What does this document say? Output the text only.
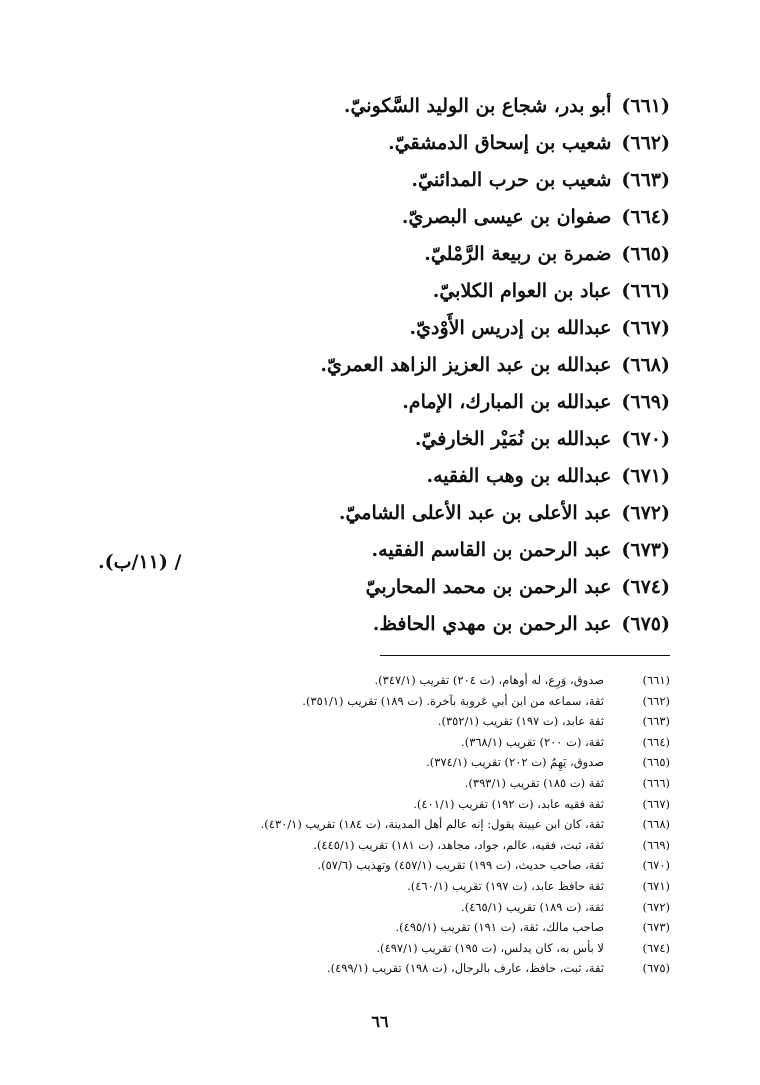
(٦٦١)أبو بدر، شجاع بن الوليد السَّكونيّ.
(٦٦٢)شعيب بن إسحاق الدمشقيّ.
(٦٦٣)شعيب بن حرب المدائنيّ.
(٦٦٤)صفوان بن عيسى البصريّ.
(٦٦٥)ضمرة بن ربيعة الرَّمْليّ.
(٦٦٦)عباد بن العوام الكلابيّ.
(٦٦٧)عبدالله بن إدريس الأَوْديّ.
(٦٦٨)عبدالله بن عبد العزيز الزاهد العمريّ.
(٦٦٩)عبدالله بن المبارك، الإمام.
(٦٧٠)عبدالله بن نُمَيْر الخارفيّ.
(٦٧١)عبدالله بن وهب الفقيه.
(٦٧٢)عبد الأعلى بن عبد الأعلى الشاميّ.
(٦٧٣)عبد الرحمن بن القاسم الفقيه.
(٦٧٤)عبد الرحمن بن محمد المحاربيّ
(٦٧٥)عبد الرحمن بن مهدي الحافظ.
/ (١١/ب).
(٦٦١)صدوق، وَرِع، له أوهام، (ت ٢٠٤) تقريب (٣٤٧/١).
(٦٦٢)ثقة، سماعه من ابن أبي عَروبة بآخرة. (ت ١٨٩) تقريب (٣٥١/١).
(٦٦٣)ثقة عابد، (ت ١٩٧) تقريب (٣٥٢/١).
(٦٦٤)ثقة، (ت ٢٠٠) تقريب (٣٦٨/١).
(٦٦٥)صدوق، يَهِمُ (ت ٢٠٢) تقريب (٣٧٤/١).
(٦٦٦)ثقة (ت ١٨٥) تقريب (٣٩٣/١).
(٦٦٧)ثقة فقيه عابد، (ت ١٩٢) تقريب (٤٠١/١).
(٦٦٨)ثقة، كان ابن عيينة يقول: إنه عالم أهل المدينة، (ت ١٨٤) تقريب (٤٣٠/١).
(٦٦٩)ثقة، ثبت، فقيه، عالم، جواد، مجاهد، (ت ١٨١) تقريب (٤٤٥/١).
(٦٧٠)ثقة، صاحب حديث، (ت ١٩٩) تقريب (٤٥٧/١) وتهذيب (٥٧/٦).
(٦٧١)ثقة حافظ عابد، (ت ١٩٧) تقريب (٤٦٠/١).
(٦٧٢)ثقة، (ت ١٨٩) تقريب (٤٦٥/١).
(٦٧٣)صاحب مالك، ثقة، (ت ١٩١) تقريب (٤٩٥/١).
(٦٧٤)لا بأس به، كان يدلس، (ت ١٩٥) تقريب (٤٩٧/١).
(٦٧٥)ثقة، ثبت، حافظ، عارف بالرجال، (ت ١٩٨) تقريب (٤٩٩/١).
٦٦
